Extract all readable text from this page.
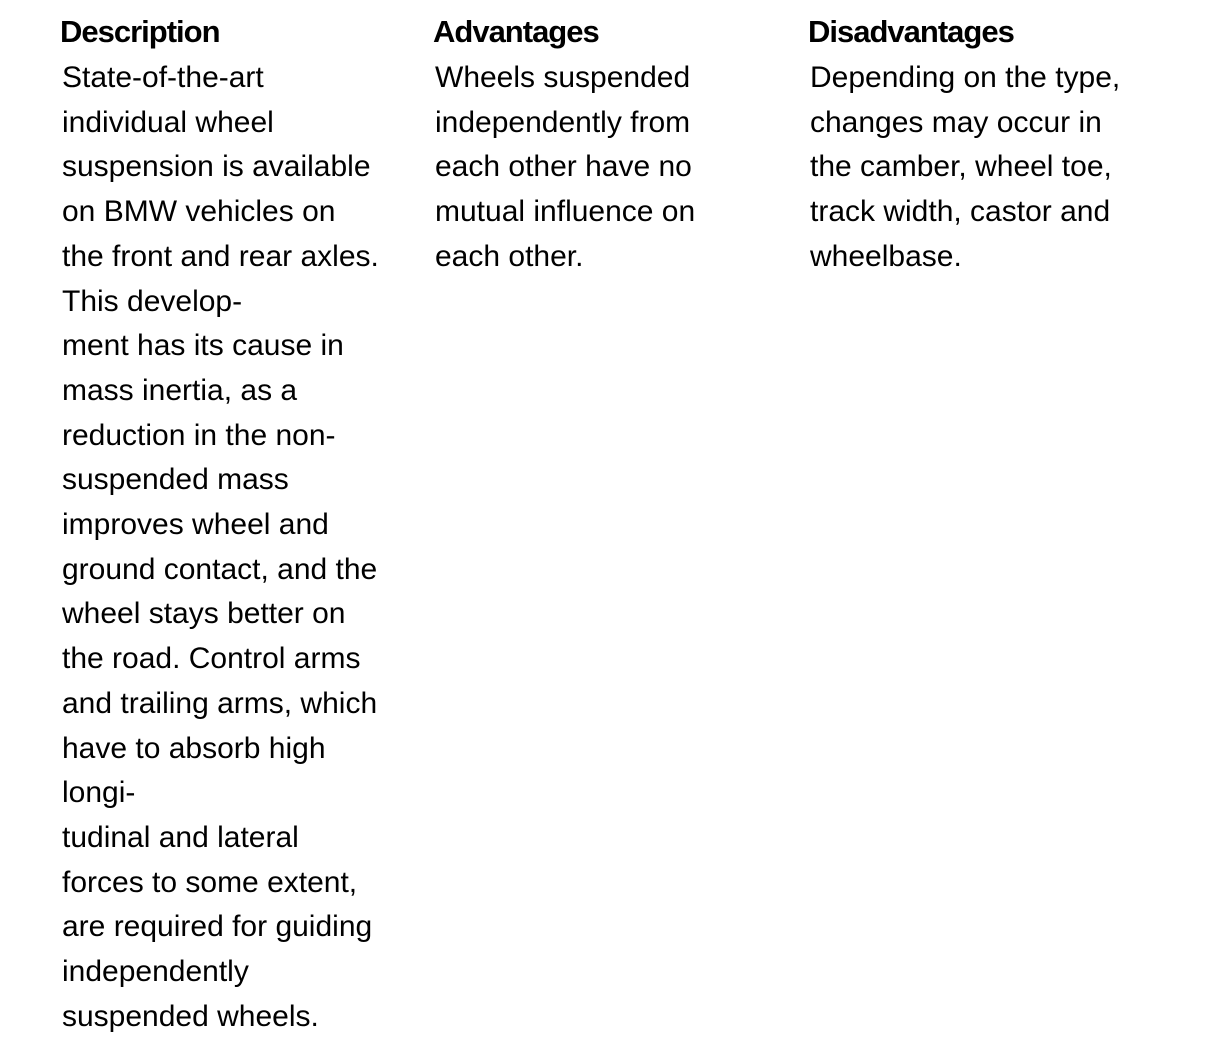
Description
State-of-the-art
individual wheel
suspension is available
on BMW vehicles on
the front and rear axles.
This develop-
ment has its cause in
mass inertia, as a
reduction in the non-
suspended mass
improves wheel and
ground contact, and the
wheel stays better on
the road. Control arms
and trailing arms, which
have to absorb high
longi-
tudinal and lateral
forces to some extent,
are required for guiding
independently
suspended wheels.
Advantages
Wheels suspended
independently from
each other have no
mutual influence on
each other.
Disadvantages
Depending on the type,
changes may occur in
the camber, wheel toe,
track width, castor and
wheelbase.
